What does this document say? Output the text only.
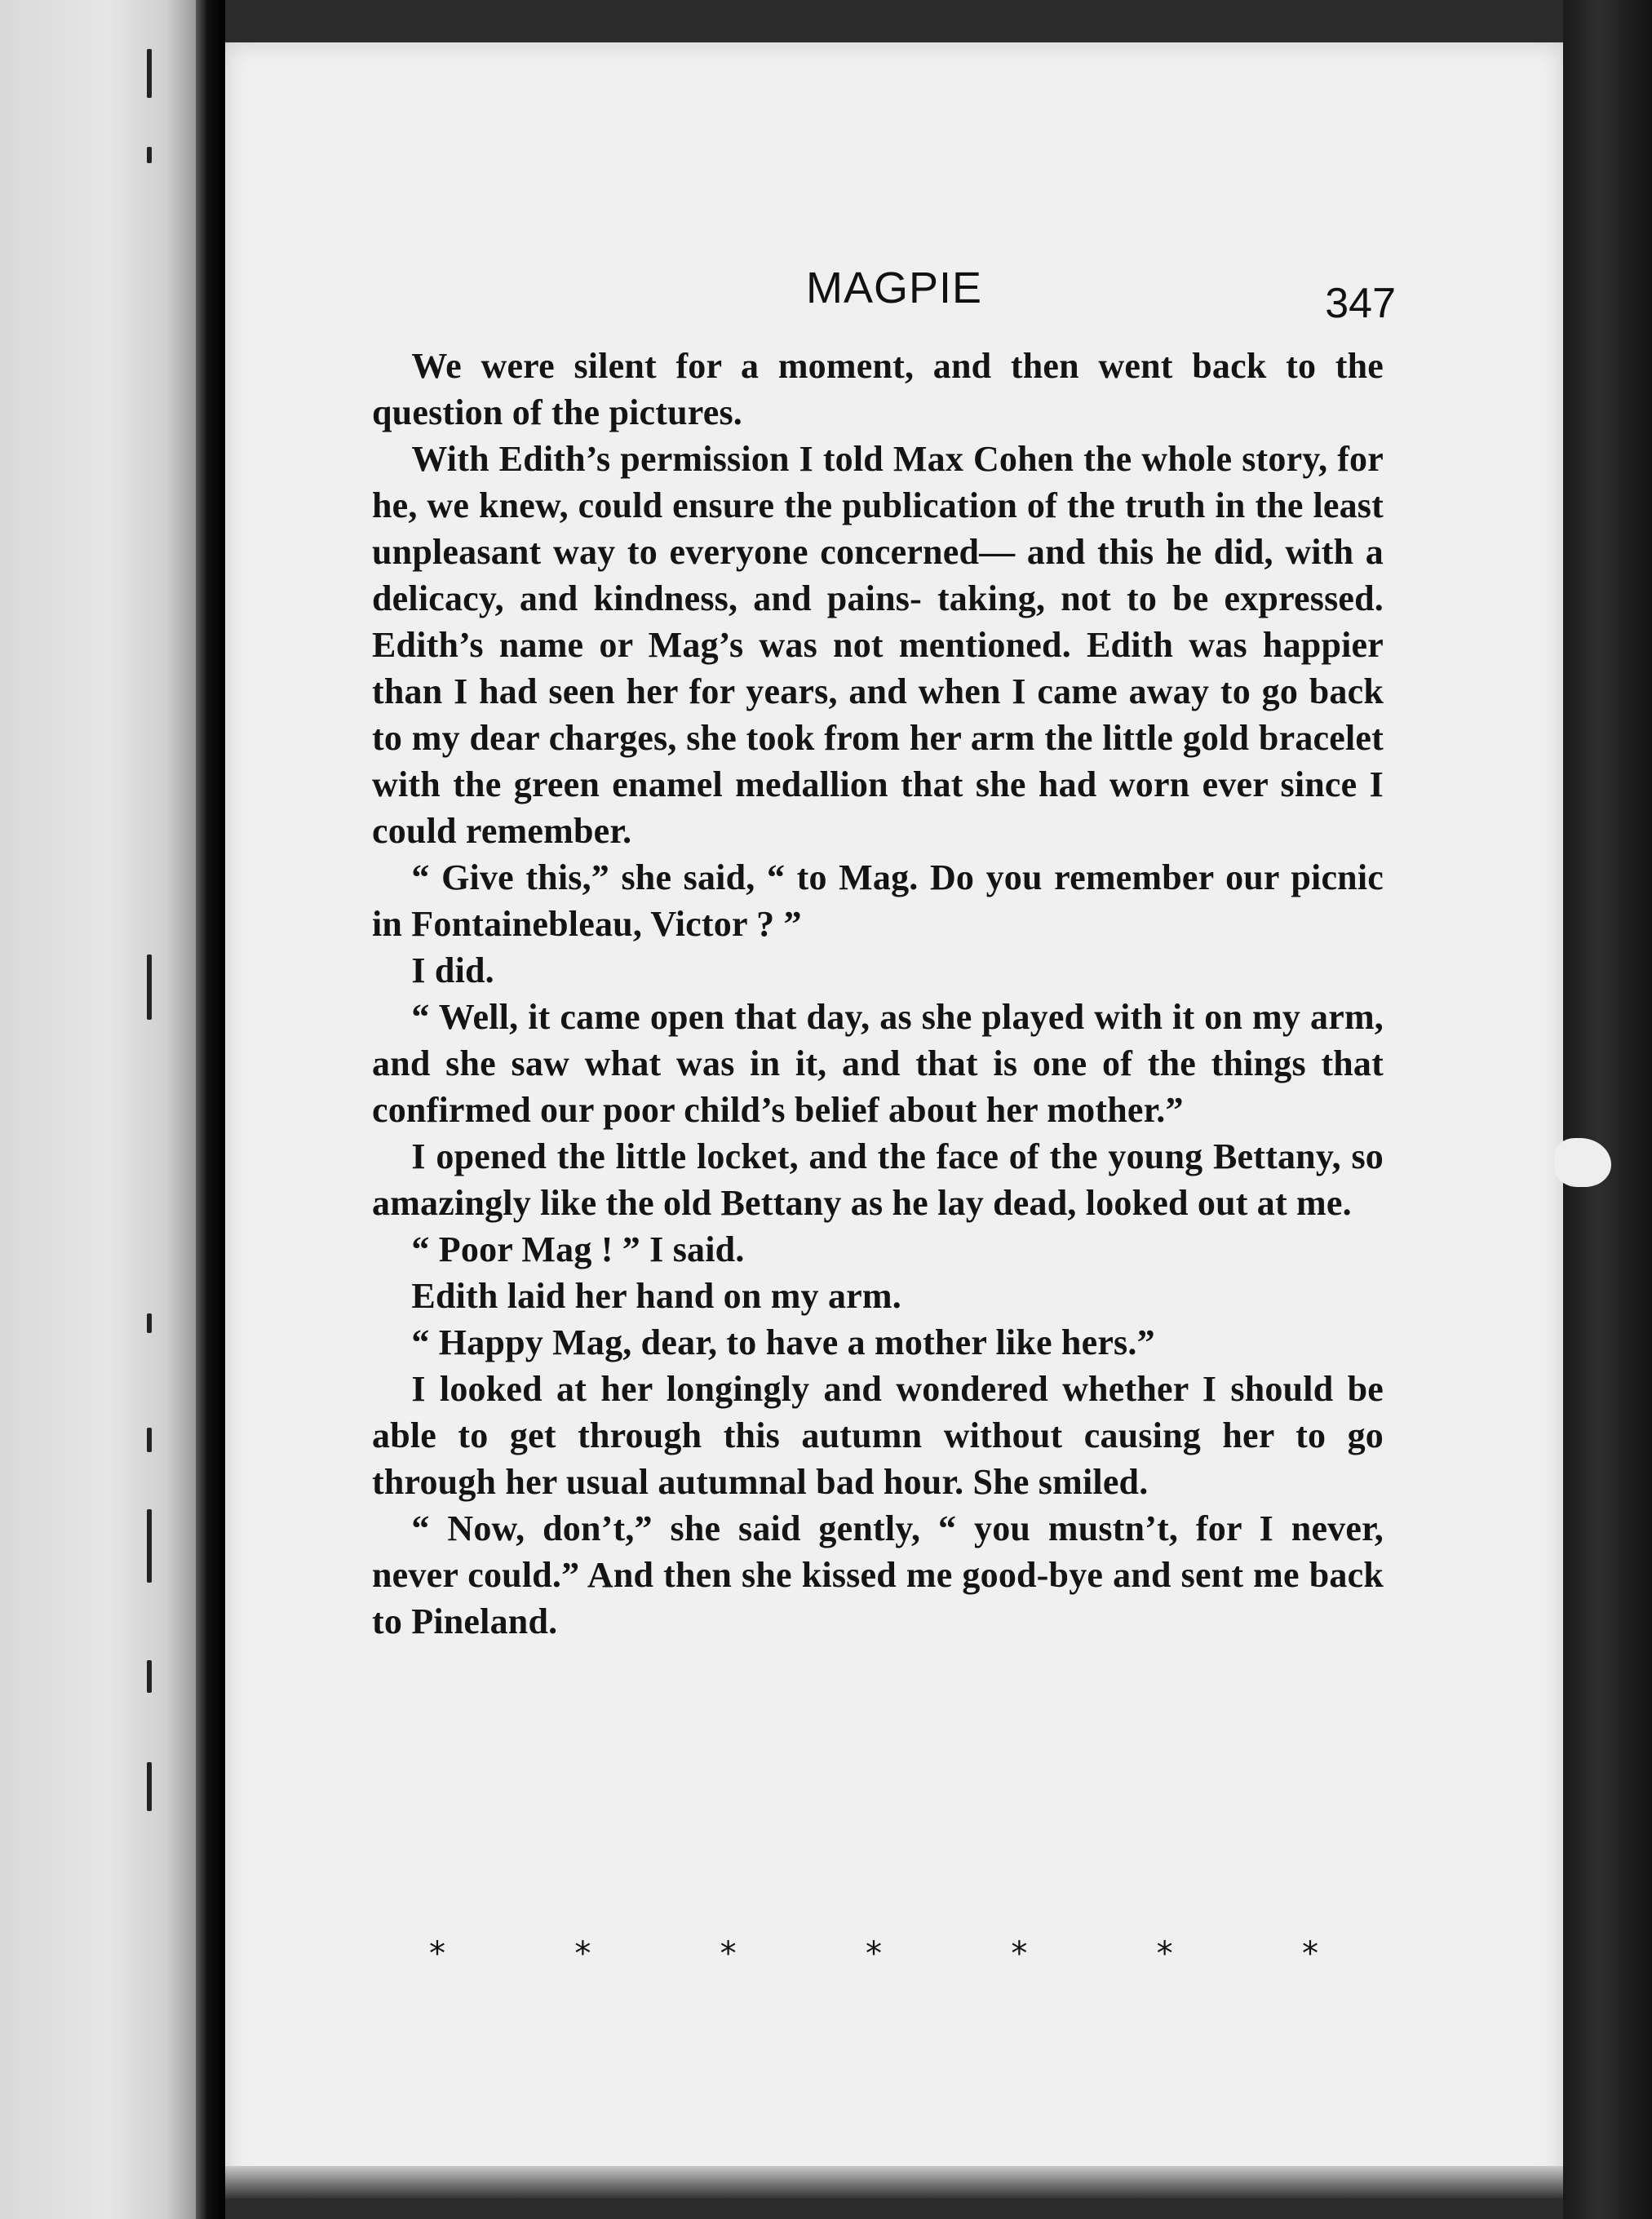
MAGPIE	347

We were silent for a moment, and then went back to the question of the pictures.

With Edith’s permission I told Max Cohen the whole story, for he, we knew, could ensure the publication of the truth in the least unpleasant way to everyone concerned— and this he did, with a delicacy, and kindness, and pains- taking, not to be expressed. Edith’s name or Mag’s was not mentioned. Edith was happier than I had seen her for years, and when I came away to go back to my dear charges, she took from her arm the little gold bracelet with the green enamel medallion that she had worn ever since I could remember.

“ Give this,” she said, “ to Mag. Do you remember our picnic in Fontainebleau, Victor ? ”

I did.

“ Well, it came open that day, as she played with it on my arm, and she saw what was in it, and that is one of the things that confirmed our poor child’s belief about her mother.”

I opened the little locket, and the face of the young Bettany, so amazingly like the old Bettany as he lay dead, looked out at me.

“ Poor Mag ! ” I said.

Edith laid her hand on my arm.

“ Happy Mag, dear, to have a mother like hers.”

I looked at her longingly and wondered whether I should be able to get through this autumn without causing her to go through her usual autumnal bad hour. She smiled.

“ Now, don’t,” she said gently, “ you mustn’t, for I never, never could.” And then she kissed me good-bye and sent me back to Pineland.

*	*	*	*	*	*	*
